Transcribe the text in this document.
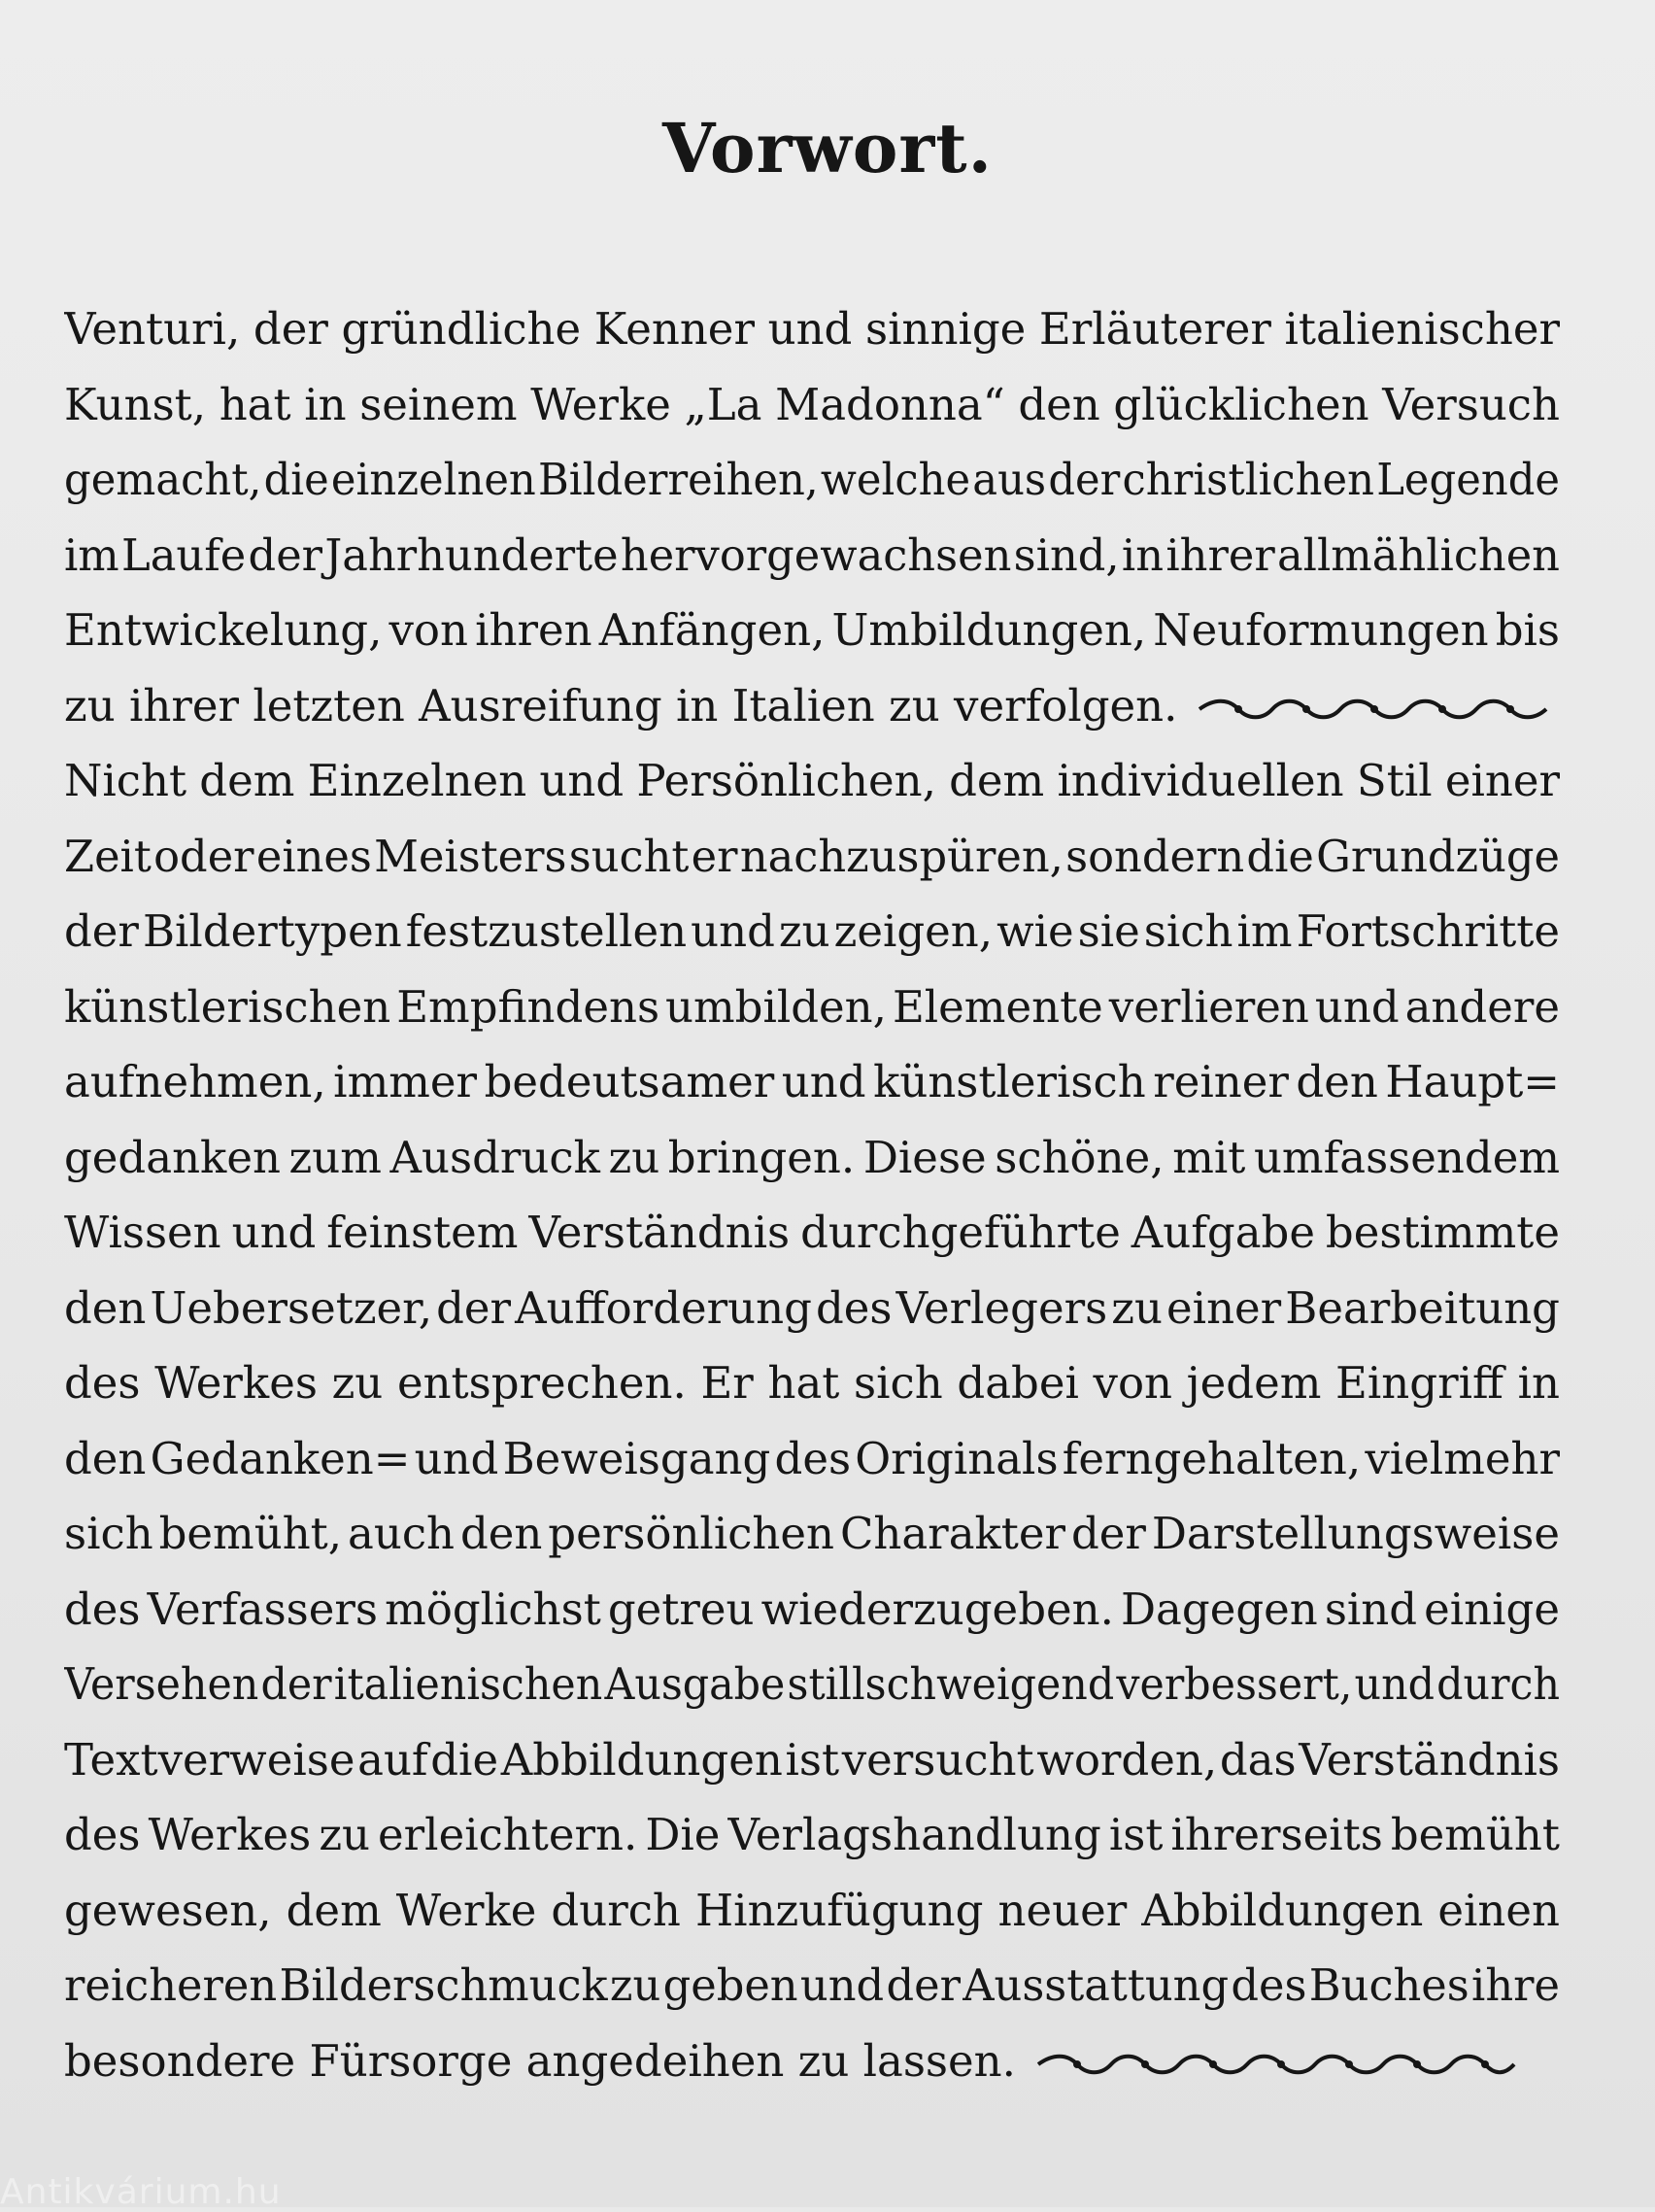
Vorwort.
Venturi, der gründliche Kenner und sinnige Erläuterer italienischer
Kunst, hat in seinem Werke „La Madonna“ den glücklichen Versuch
gemacht, die einzelnen Bilderreihen, welche aus der christlichen Legende
im Laufe der Jahrhunderte hervorgewachsen sind, in ihrer allmählichen
Entwickelung, von ihren Anfängen, Umbildungen, Neuformungen bis
zu ihrer letzten Ausreifung in Italien zu verfolgen.
Nicht dem Einzelnen und Persönlichen, dem individuellen Stil einer
Zeit oder eines Meisters sucht er nachzuspüren, sondern die Grundzüge
der Bildertypen festzustellen und zu zeigen, wie sie sich im Fortschritte
künstlerischen Empfindens umbilden, Elemente verlieren und andere
aufnehmen, immer bedeutsamer und künstlerisch reiner den Haupt=
gedanken zum Ausdruck zu bringen. Diese schöne, mit umfassendem
Wissen und feinstem Verständnis durchgeführte Aufgabe bestimmte
den Uebersetzer, der Aufforderung des Verlegers zu einer Bearbeitung
des Werkes zu entsprechen. Er hat sich dabei von jedem Eingriff in
den Gedanken= und Beweisgang des Originals ferngehalten, vielmehr
sich bemüht, auch den persönlichen Charakter der Darstellungsweise
des Verfassers möglichst getreu wiederzugeben. Dagegen sind einige
Versehen der italienischen Ausgabe stillschweigend verbessert, und durch
Textverweise auf die Abbildungen ist versucht worden, das Verständnis
des Werkes zu erleichtern. Die Verlagshandlung ist ihrerseits bemüht
gewesen, dem Werke durch Hinzufügung neuer Abbildungen einen
reicheren Bilderschmuck zu geben und der Ausstattung des Buches ihre
besondere Fürsorge angedeihen zu lassen.
Antikvárium.hu
